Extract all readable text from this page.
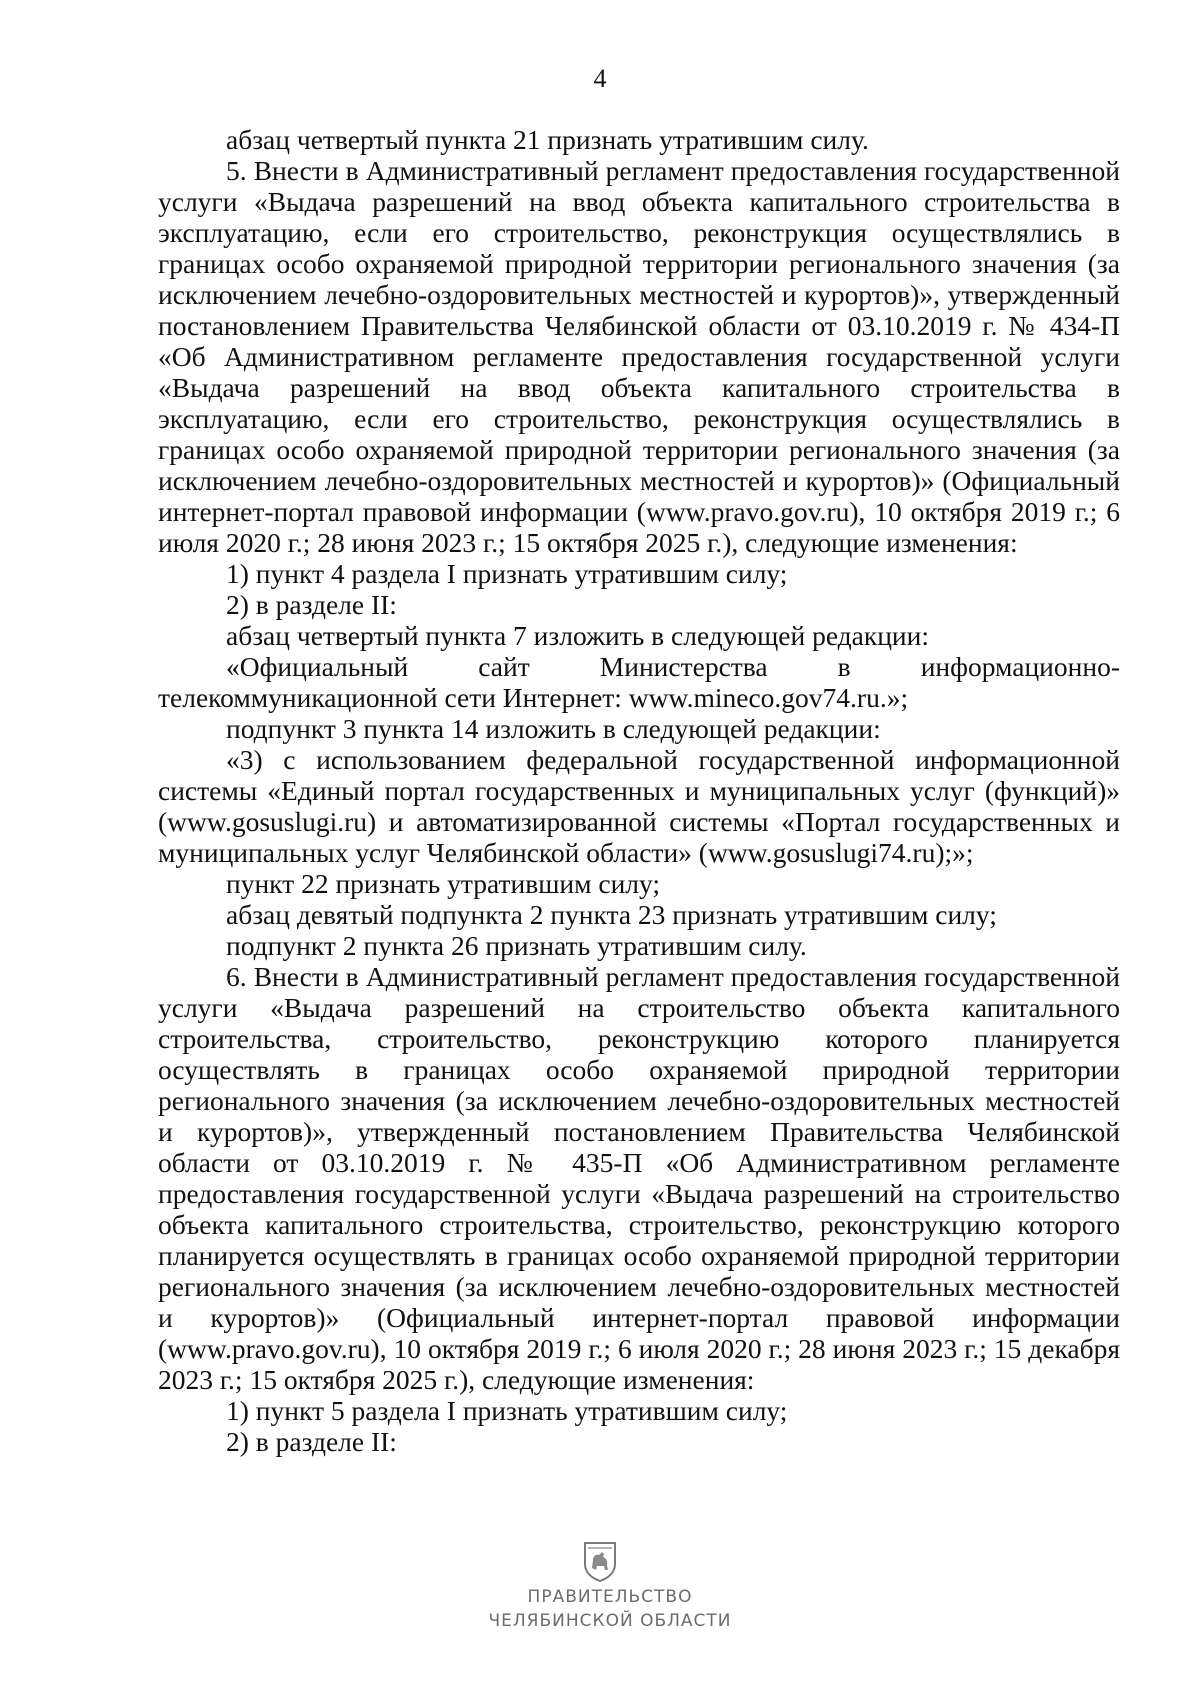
4

абзац четвертый пункта 21 признать утратившим силу.

5. Внести в Административный регламент предоставления государственной услуги «Выдача разрешений на ввод объекта капитального строительства в эксплуатацию, если его строительство, реконструкция осуществлялись в границах особо охраняемой природной территории регионального значения (за исключением лечебно-оздоровительных местностей и курортов)», утвержденный постановлением Правительства Челябинской области от 03.10.2019 г. № 434-П «Об Административном регламенте предоставления государственной услуги «Выдача разрешений на ввод объекта капитального строительства в эксплуатацию, если его строительство, реконструкция осуществлялись в границах особо охраняемой природной территории регионального значения (за исключением лечебно-оздоровительных местностей и курортов)» (Официальный интернет-портал правовой информации (www.pravo.gov.ru), 10 октября 2019 г.; 6 июля 2020 г.; 28 июня 2023 г.; 15 октября 2025 г.), следующие изменения:

1) пункт 4 раздела I признать утратившим силу;

2) в разделе II:

абзац четвертый пункта 7 изложить в следующей редакции:

«Официальный сайт Министерства в информационно-телекоммуникационной сети Интернет: www.mineco.gov74.ru.»;

подпункт 3 пункта 14 изложить в следующей редакции:

«3) с использованием федеральной государственной информационной системы «Единый портал государственных и муниципальных услуг (функций)» (www.gosuslugi.ru) и автоматизированной системы «Портал государственных и муниципальных услуг Челябинской области» (www.gosuslugi74.ru);»;

пункт 22 признать утратившим силу;

абзац девятый подпункта 2 пункта 23 признать утратившим силу;

подпункт 2 пункта 26 признать утратившим силу.

6. Внести в Административный регламент предоставления государственной услуги «Выдача разрешений на строительство объекта капитального строительства, строительство, реконструкцию которого планируется осуществлять в границах особо охраняемой природной территории регионального значения (за исключением лечебно-оздоровительных местностей и курортов)», утвержденный постановлением Правительства Челябинской области от 03.10.2019 г. № 435-П «Об Административном регламенте предоставления государственной услуги «Выдача разрешений на строительство объекта капитального строительства, строительство, реконструкцию которого планируется осуществлять в границах особо охраняемой природной территории регионального значения (за исключением лечебно-оздоровительных местностей и курортов)» (Официальный интернет-портал правовой информации (www.pravo.gov.ru), 10 октября 2019 г.; 6 июля 2020 г.; 28 июня 2023 г.; 15 декабря 2023 г.; 15 октября 2025 г.), следующие изменения:

1) пункт 5 раздела I признать утратившим силу;

2) в разделе II:

ПРАВИТЕЛЬСТВО
ЧЕЛЯБИНСКОЙ ОБЛАСТИ
